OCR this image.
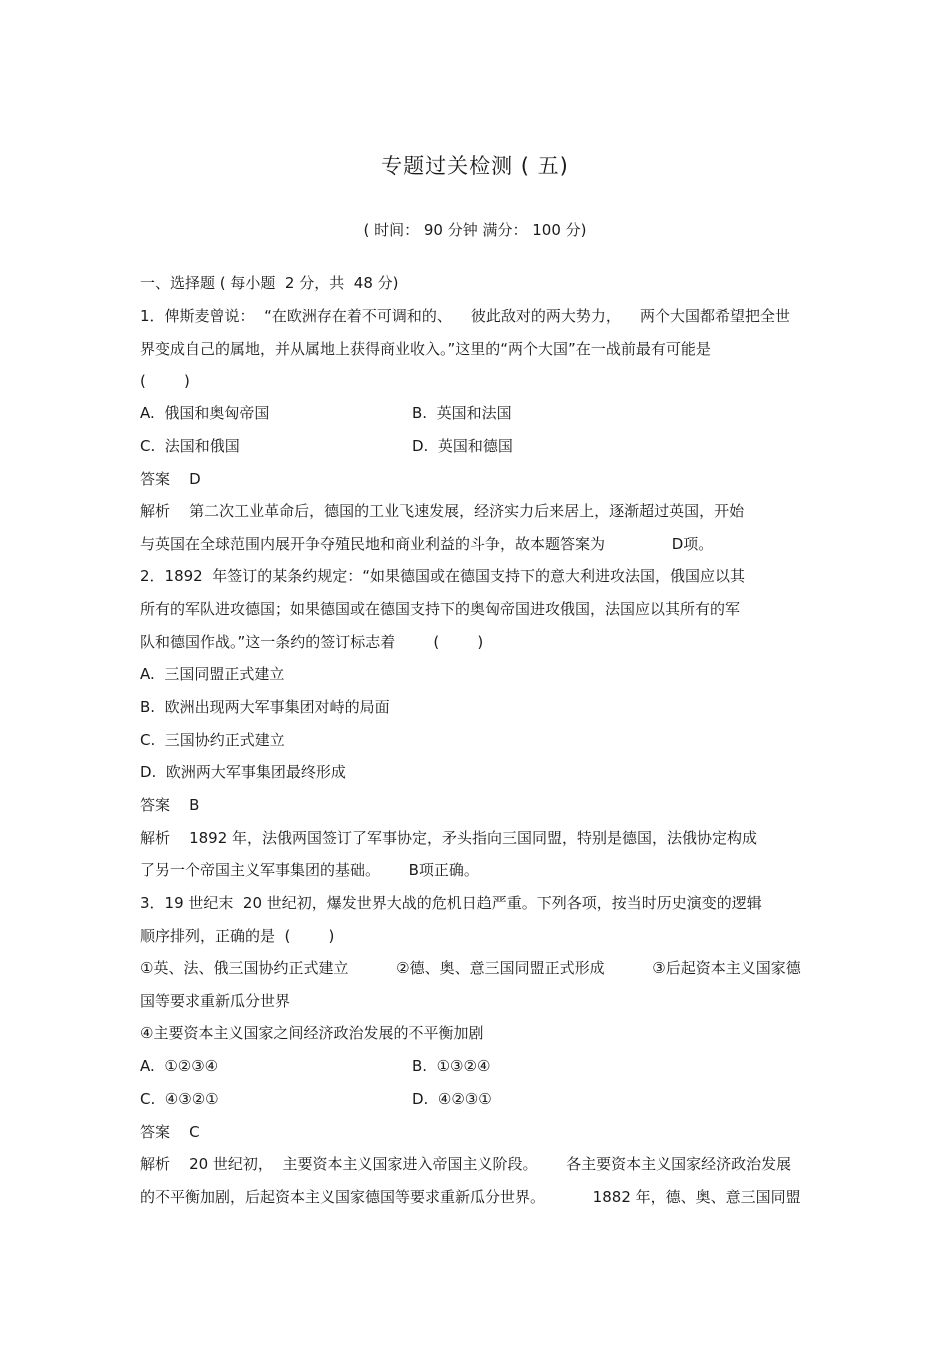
专题过关检测 ( 五)
( 时间： 90 分钟 满分： 100 分)
一、选择题 ( 每小题  2 分，共  48 分)
1．俾斯麦曾说：  “在欧洲存在着不可调和的、    彼此敌对的两大势力，    两个大国都希望把全世
界变成自己的属地，并从属地上获得商业收入。”这里的“两个大国”在一战前最有可能是
(        )
A. 俄国和奥匈帝国	B. 英国和法国
C. 法国和俄国	D. 英国和德国
答案    D
解析    第二次工业革命后，德国的工业飞速发展，经济实力后来居上，逐渐超过英国，开始
与英国在全球范围内展开争夺殖民地和商业利益的斗争，故本题答案为              D项。
2．1892  年签订的某条约规定：“如果德国或在德国支持下的意大利进攻法国，俄国应以其
所有的军队进攻德国；如果德国或在德国支持下的奥匈帝国进攻俄国，法国应以其所有的军
队和德国作战。”这一条约的签订标志着        (        )
A. 三国同盟正式建立
B. 欧洲出现两大军事集团对峙的局面
C. 三国协约正式建立
D. 欧洲两大军事集团最终形成
答案    B
解析    1892 年，法俄两国签订了军事协定，矛头指向三国同盟，特别是德国，法俄协定构成
了另一个帝国主义军事集团的基础。      B项正确。
3．19 世纪末  20 世纪初，爆发世界大战的危机日趋严重。下列各项，按当时历史演变的逻辑
顺序排列，正确的是  (        )
①英、法、俄三国协约正式建立          ②德、奥、意三国同盟正式形成          ③后起资本主义国家德
国等要求重新瓜分世界
④主要资本主义国家之间经济政治发展的不平衡加剧
A. ①②③④	B. ①③②④
C. ④③②①	D. ④②③①
答案    C
解析    20 世纪初，  主要资本主义国家进入帝国主义阶段。      各主要资本主义国家经济政治发展
的不平衡加剧，后起资本主义国家德国等要求重新瓜分世界。          1882 年，德、奥、意三国同盟
